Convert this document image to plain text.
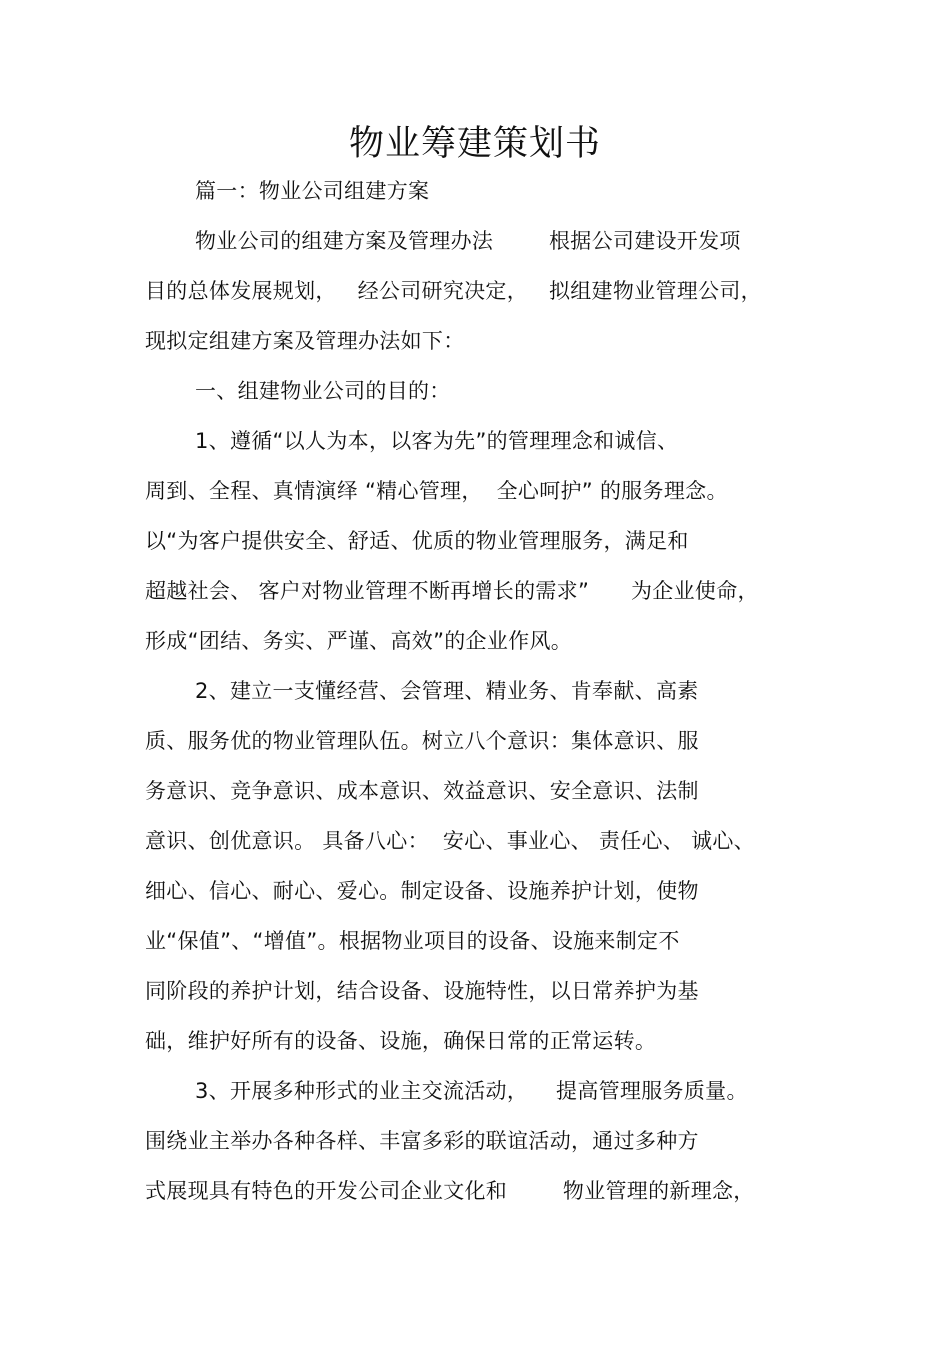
物业筹建策划书
篇一：物业公司组建方案
物业公司的组建方案及管理办法        根据公司建设开发项
目的总体发展规划，   经公司研究决定，   拟组建物业管理公司，
现拟定组建方案及管理办法如下：
一、组建物业公司的目的：
1、遵循“以人为本，以客为先”的管理理念和诚信、
周到、全程、真情演绎 “精心管理，  全心呵护” 的服务理念。
以“为客户提供安全、舒适、优质的物业管理服务，满足和
超越社会、 客户对物业管理不断再增长的需求”      为企业使命，
形成“团结、务实、严谨、高效”的企业作风。
2、建立一支懂经营、会管理、精业务、肯奉献、高素
质、服务优的物业管理队伍。树立八个意识：集体意识、服
务意识、竞争意识、成本意识、效益意识、安全意识、法制
意识、创优意识。 具备八心：  安心、事业心、 责任心、 诚心、
细心、信心、耐心、爱心。制定设备、设施养护计划，使物
业“保值”、“增值”。根据物业项目的设备、设施来制定不
同阶段的养护计划，结合设备、设施特性，以日常养护为基
础，维护好所有的设备、设施，确保日常的正常运转。
3、开展多种形式的业主交流活动，    提高管理服务质量。
围绕业主举办各种各样、丰富多彩的联谊活动，通过多种方
式展现具有特色的开发公司企业文化和        物业管理的新理念，
